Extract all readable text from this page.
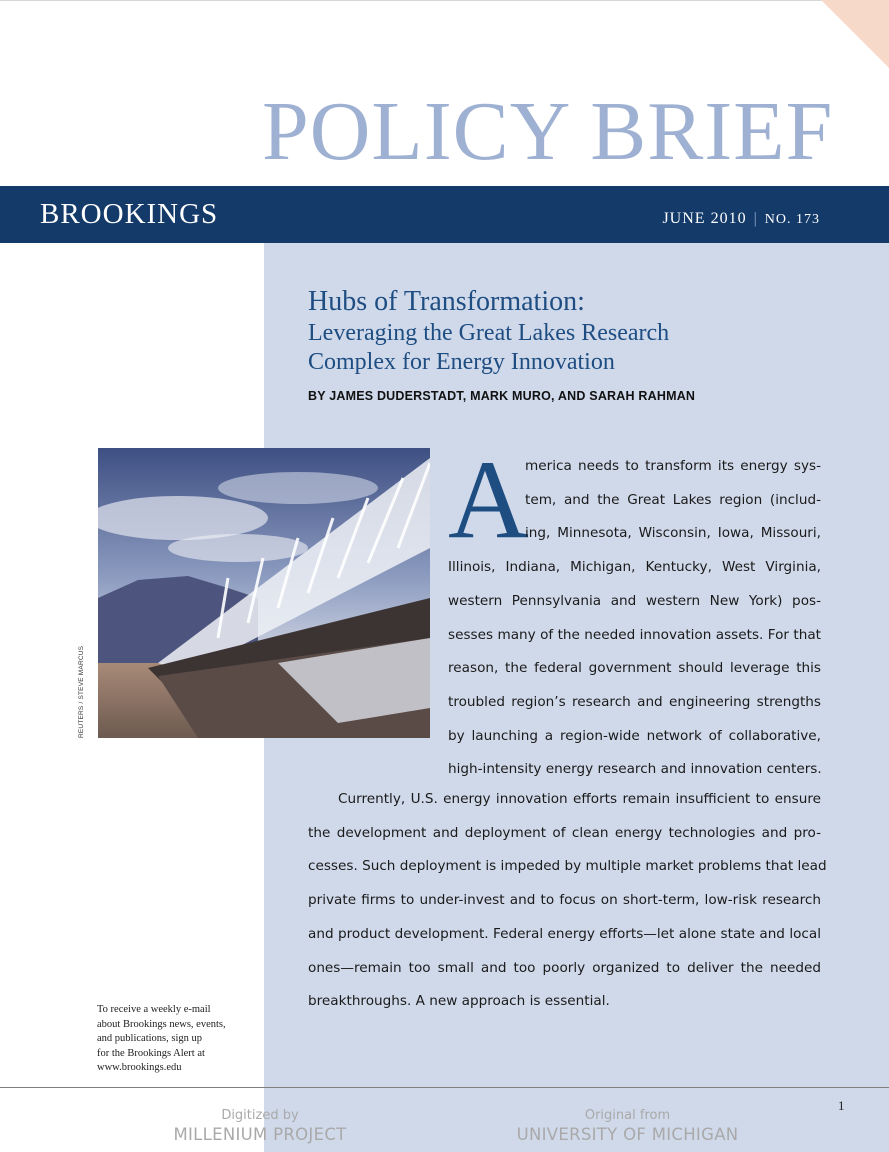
POLICY BRIEF
BROOKINGS	JUNE 2010 | NO. 173
Hubs of Transformation:
Leveraging the Great Lakes Research
Complex for Energy Innovation
BY JAMES DUDERSTADT, MARK MURO, AND SARAH RAHMAN
REUTERS / STEVE MARCUS
A
merica needs to transform its energy sys-
tem, and the Great Lakes region (includ-
ing, Minnesota, Wisconsin, Iowa, Missouri,
Illinois, Indiana, Michigan, Kentucky, West Virginia,
western Pennsylvania and western New York) pos-
sesses many of the needed innovation assets. For that
reason, the federal government should leverage this
troubled region’s research and engineering strengths
by launching a region-wide network of collaborative,
high-intensity energy research and innovation centers.
Currently, U.S. energy innovation efforts remain insufficient to ensure
the development and deployment of clean energy technologies and pro-
cesses. Such deployment is impeded by multiple market problems that lead
private firms to under-invest and to focus on short-term, low-risk research
and product development. Federal energy efforts—let alone state and local
ones—remain too small and too poorly organized to deliver the needed
breakthroughs. A new approach is essential.
To receive a weekly e-mail
about Brookings news, events,
and publications, sign up
for the Brookings Alert at
www.brookings.edu
1
Digitized by
MILLENIUM PROJECT
Original from
UNIVERSITY OF MICHIGAN
